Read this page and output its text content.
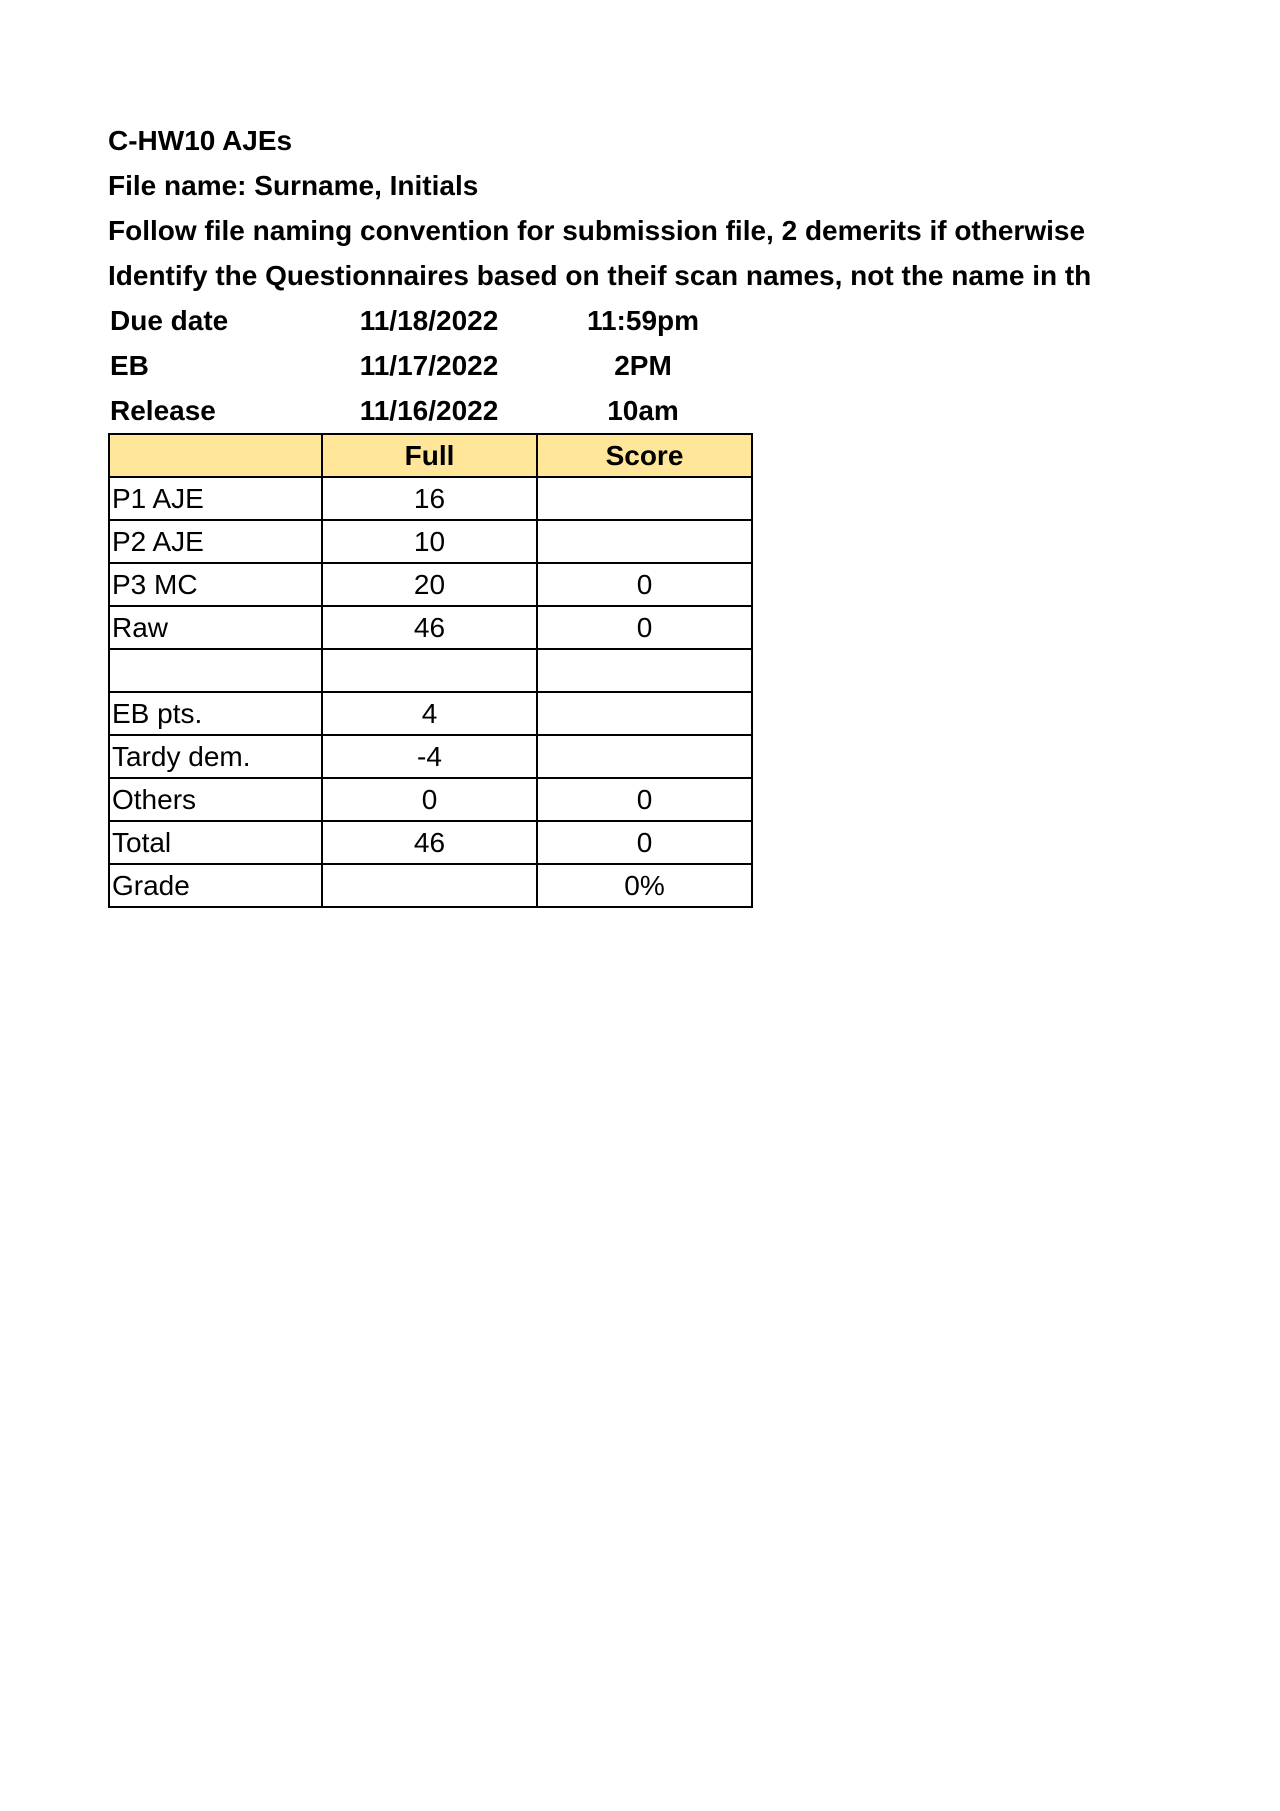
C-HW10 AJEs
File name: Surname, Initials
Follow file naming convention for submission file, 2 demerits if otherwise
Identify the Questionnaires based on theif scan names, not the name in th
Due date	11/18/2022	11:59pm
EB	11/17/2022	2PM
Release	11/16/2022	10am
	Full	Score
P1 AJE	16	
P2 AJE	10	
P3 MC	20	0
Raw	46	0

EB pts.	4	
Tardy dem.	-4	
Others	0	0
Total	46	0
Grade		0%
